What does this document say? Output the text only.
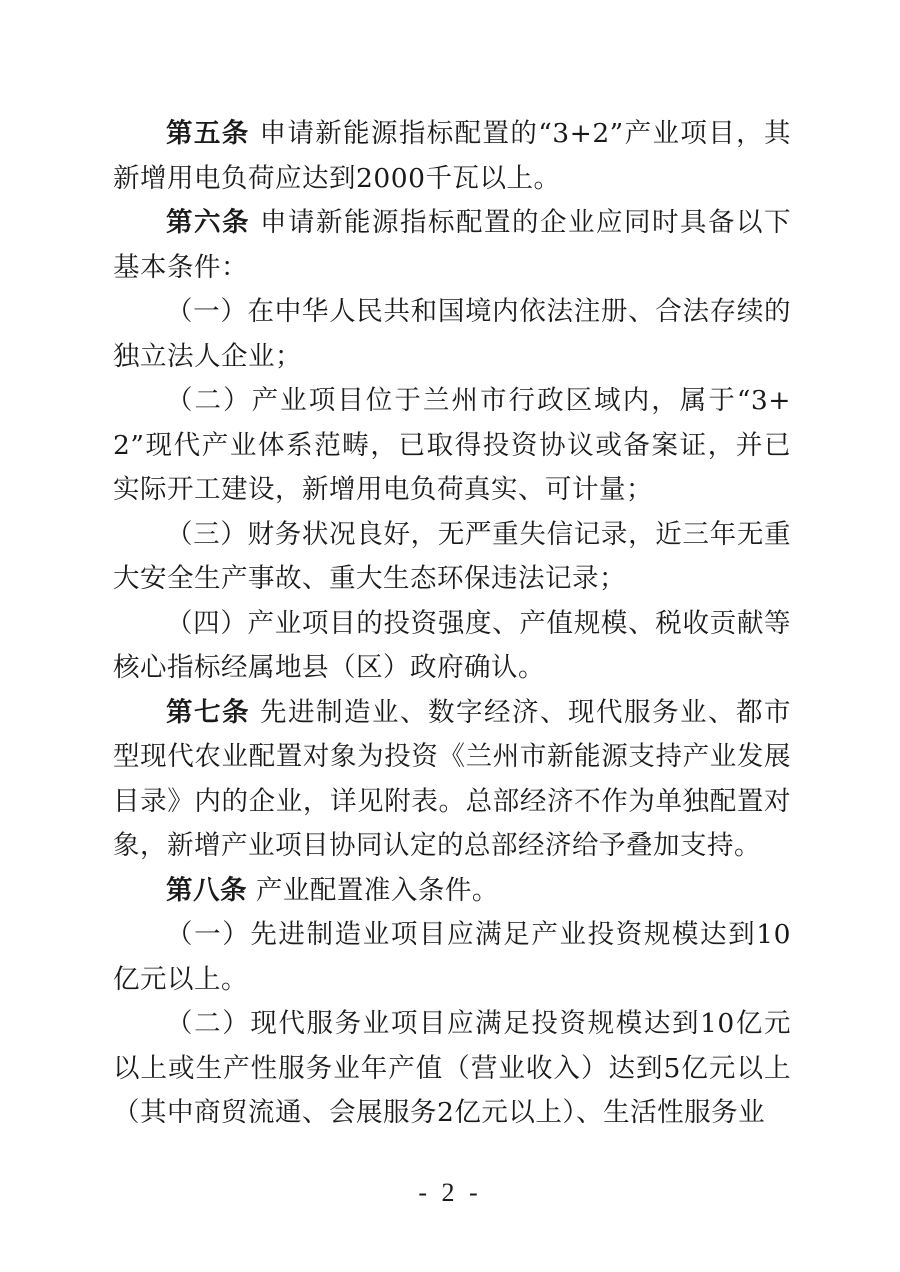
第五条 申请新能源指标配置的“3+2”产业项目，其新增用电负荷应达到2000千瓦以上。

第六条 申请新能源指标配置的企业应同时具备以下基本条件：

（一）在中华人民共和国境内依法注册、合法存续的独立法人企业；

（二）产业项目位于兰州市行政区域内，属于“3+2”现代产业体系范畴，已取得投资协议或备案证，并已实际开工建设，新增用电负荷真实、可计量；

（三）财务状况良好，无严重失信记录，近三年无重大安全生产事故、重大生态环保违法记录；

（四）产业项目的投资强度、产值规模、税收贡献等核心指标经属地县（区）政府确认。

第七条 先进制造业、数字经济、现代服务业、都市型现代农业配置对象为投资《兰州市新能源支持产业发展目录》内的企业，详见附表。总部经济不作为单独配置对象，新增产业项目协同认定的总部经济给予叠加支持。

第八条 产业配置准入条件。

（一）先进制造业项目应满足产业投资规模达到10亿元以上。

（二）现代服务业项目应满足投资规模达到10亿元以上或生产性服务业年产值（营业收入）达到5亿元以上（其中商贸流通、会展服务2亿元以上）、生活性服务业

- 2 -
